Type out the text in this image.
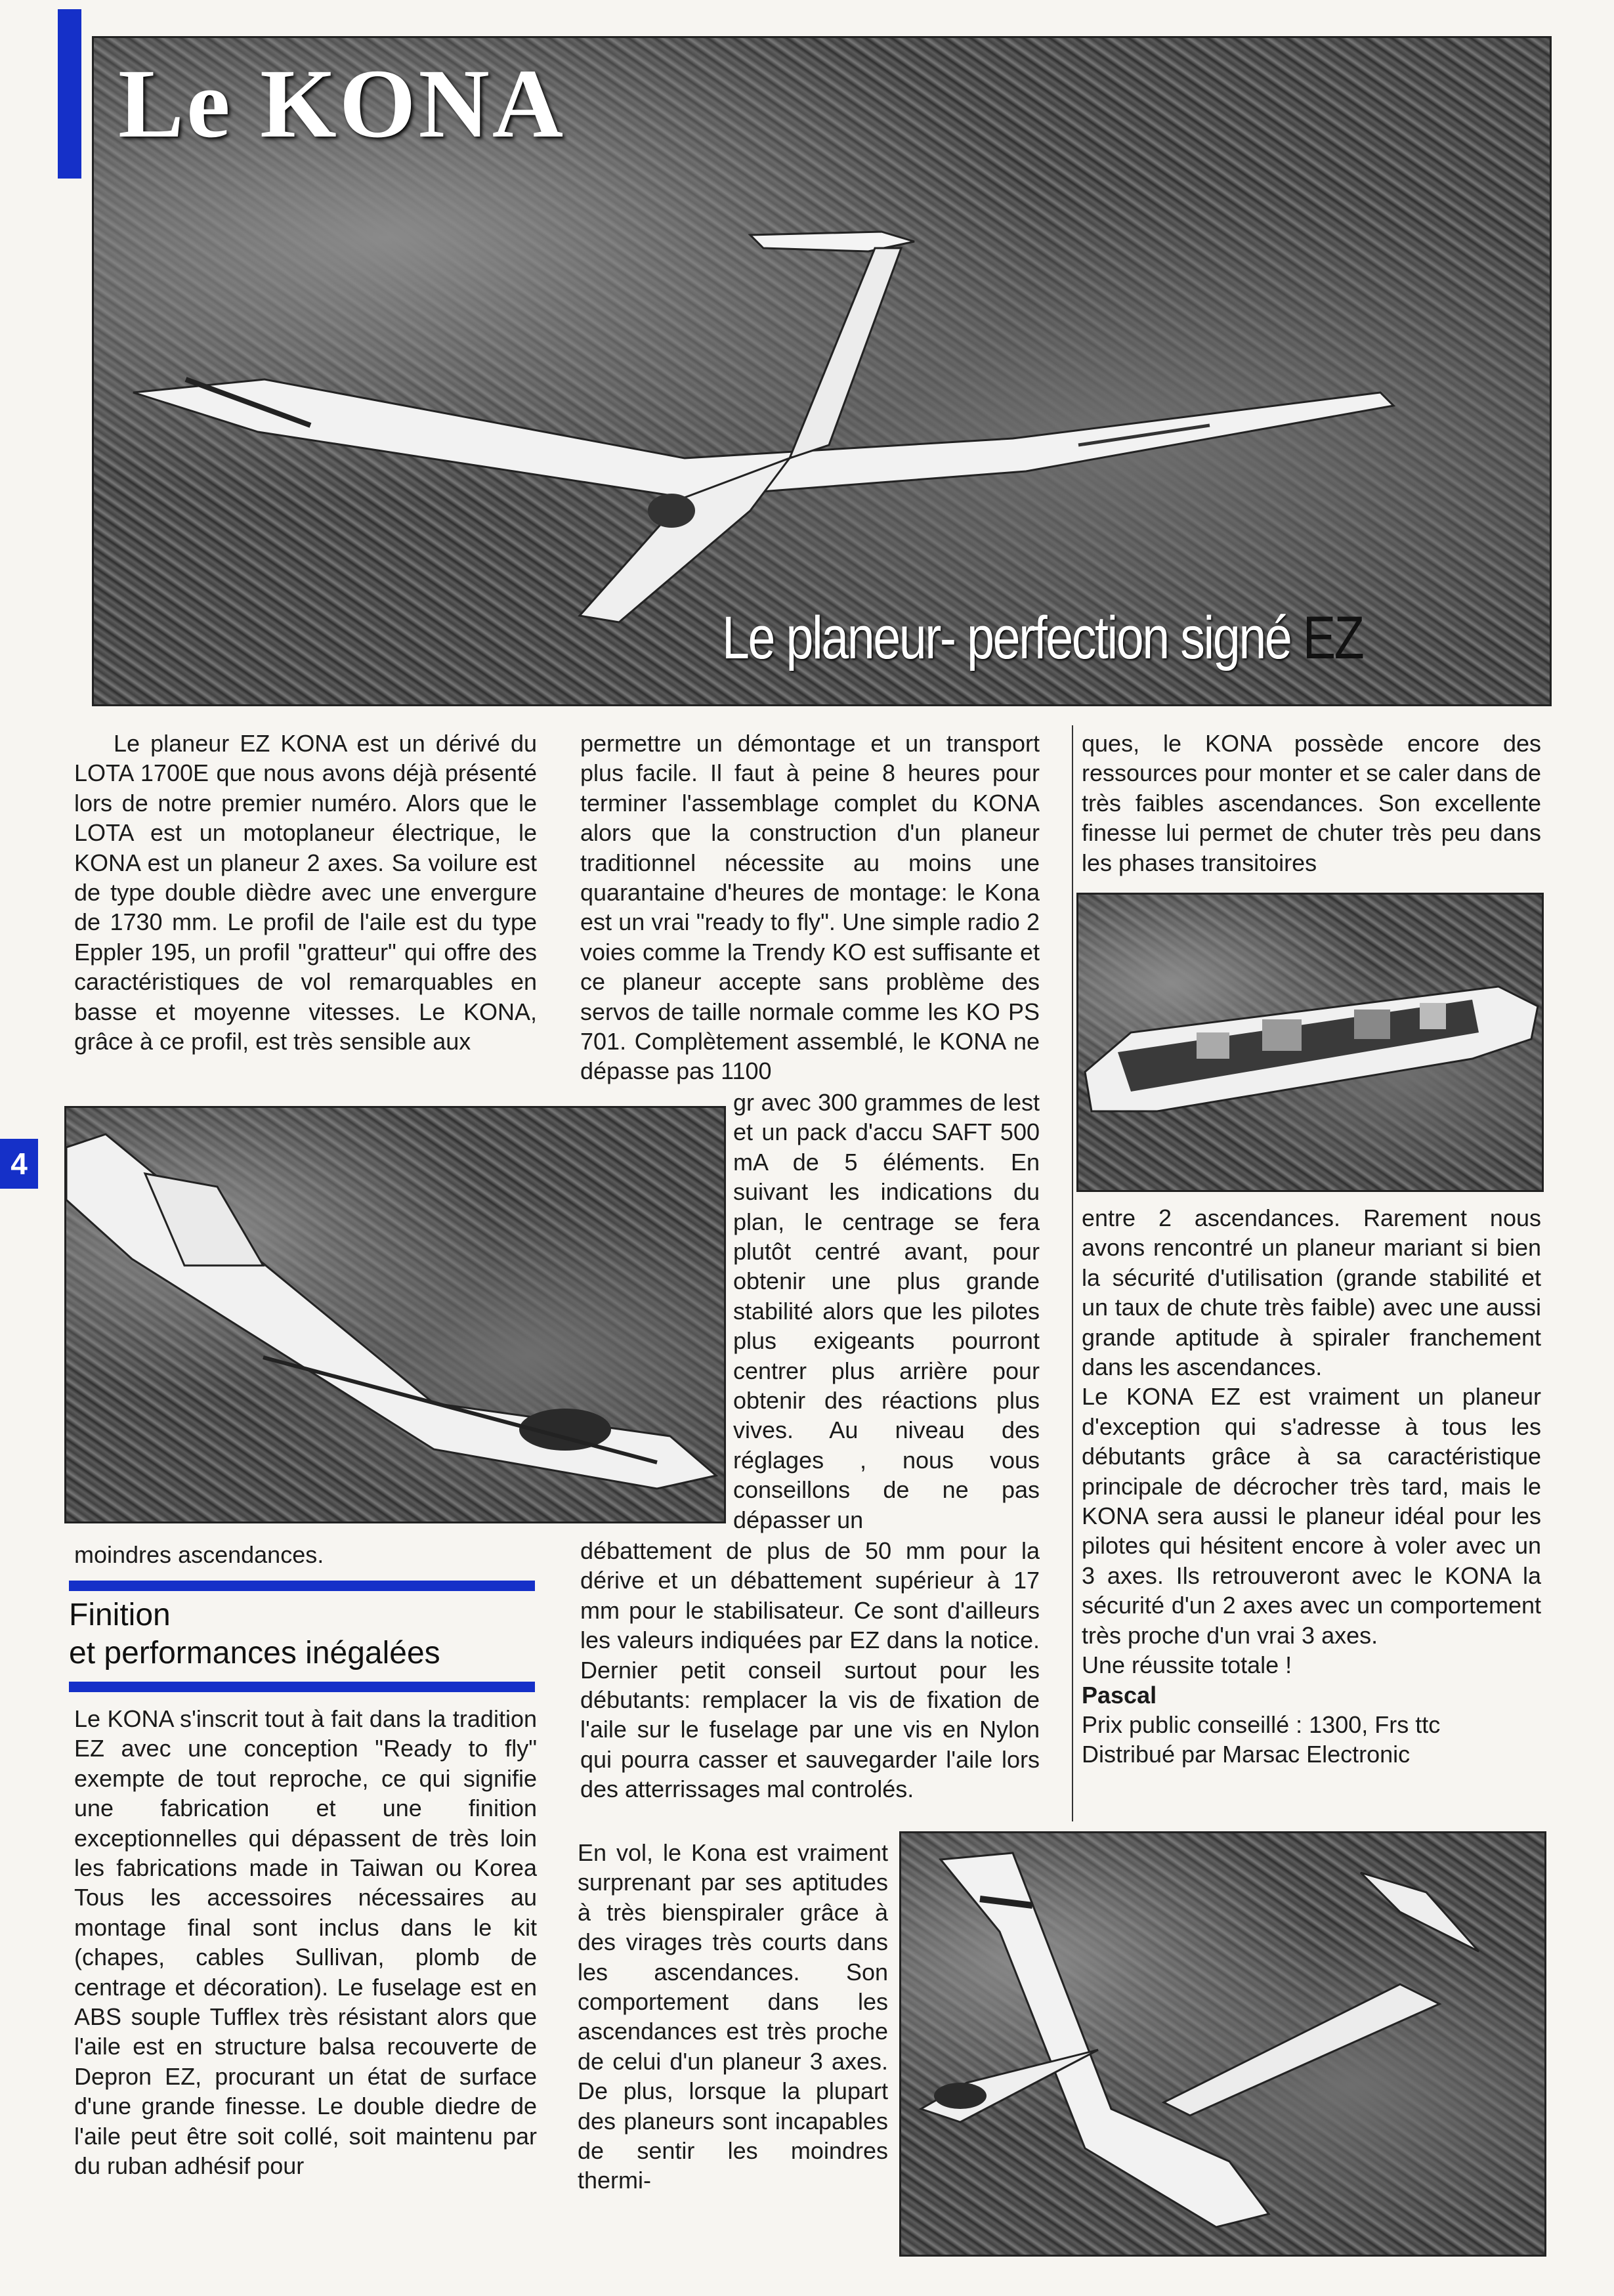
Le KONA
Le planeur- perfection signé EZ
4

Le planeur EZ KONA est un dérivé du LOTA 1700E que nous avons déjà présenté lors de notre premier numéro. Alors que le LOTA est un motoplaneur électrique, le KONA est un planeur 2 axes. Sa voilure est de type double dièdre avec une envergure de 1730 mm. Le profil de l'aile est du type Eppler 195, un profil "gratteur" qui offre des caractéristiques de vol remarquables en basse et moyenne vitesses. Le KONA, grâce à ce profil, est très sensible aux

moindres ascendances.

Finition
et performances inégalées

Le KONA s'inscrit tout à fait dans la tradition EZ avec une conception "Ready to fly" exempte de tout reproche, ce qui signifie une fabrication et une finition exceptionnelles qui dépassent de très loin les fabrications made in Taiwan ou Korea Tous les accessoires nécessaires au montage final sont inclus dans le kit (chapes, cables Sullivan, plomb de centrage et décoration). Le fuselage est en ABS souple Tufflex très résistant alors que l'aile est en structure balsa recouverte de Depron EZ, procurant un état de surface d'une grande finesse. Le double diedre de l'aile peut être soit collé, soit maintenu par du ruban adhésif pour

permettre un démontage et un transport plus facile. Il faut à peine 8 heures pour terminer l'assemblage complet du KONA alors que la construction d'un planeur traditionnel nécessite au moins une quarantaine d'heures de montage: le Kona est un vrai "ready to fly". Une simple radio 2 voies comme la Trendy KO est suffisante et ce planeur accepte sans problème des servos de taille normale comme les KO PS 701. Complètement assemblé, le KONA ne dépasse pas 1100

gr avec 300 grammes de lest et un pack d'accu SAFT 500 mA de 5 éléments. En suivant les indications du plan, le centrage se fera plutôt centré avant, pour obtenir une plus grande stabilité alors que les pilotes plus exigeants pourront centrer plus arrière pour obtenir des réactions plus vives. Au niveau des réglages , nous vous conseillons de ne pas dépasser un

débattement de plus de 50 mm pour la dérive et un débattement supérieur à 17 mm pour le stabilisateur. Ce sont d'ailleurs les valeurs indiquées par EZ dans la notice. Dernier petit conseil surtout pour les débutants: remplacer la vis de fixation de l'aile sur le fuselage par une vis en Nylon qui pourra casser et sauvegarder l'aile lors des atterrissages mal controlés.

En vol, le Kona est vraiment surprenant par ses aptitudes à très bienspiraler grâce à des virages très courts dans les ascendances. Son comportement dans les ascendances est très proche de celui d'un planeur 3 axes. De plus, lorsque la plupart des planeurs sont incapables de sentir les moindres thermi-

ques, le KONA possède encore des ressources pour monter et se caler dans de très faibles ascendances. Son excellente finesse lui permet de chuter très peu dans les phases transitoires

entre 2 ascendances. Rarement nous avons rencontré un planeur mariant si bien la sécurité d'utilisation (grande stabilité et un taux de chute très faible) avec une aussi grande aptitude à spiraler franchement dans les ascendances.

Le KONA EZ est vraiment un planeur d'exception qui s'adresse à tous les débutants grâce à sa caractéristique principale de décrocher très tard, mais le KONA sera aussi le planeur idéal pour les pilotes qui hésitent encore à voler avec un 3 axes. Ils retrouveront avec le KONA la sécurité d'un 2 axes avec un comportement très proche d'un vrai 3 axes.

Une réussite totale !

Pascal

Prix public conseillé : 1300, Frs ttc

Distribué par Marsac Electronic
